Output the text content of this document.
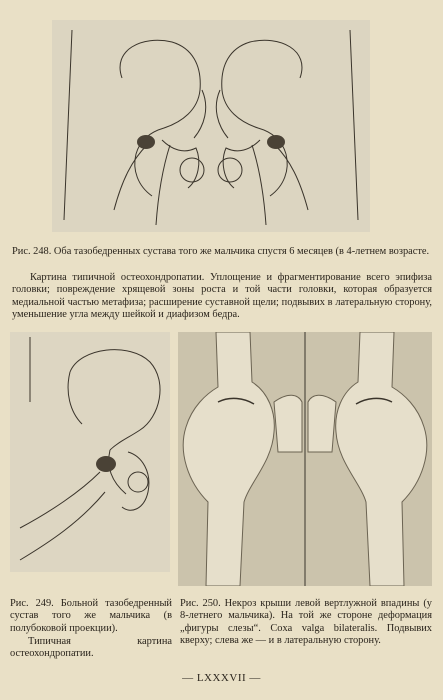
Рис. 248. Оба тазобедренных сустава того же мальчика спустя 6 месяцев (в 4-летнем возрасте.
Картина типичной остеохондропатии. Уплощение и фрагментирование всего эпифиза головки; повреждение хрящевой зоны роста и той части головки, которая образуется медиальной частью метафиза; расширение суставной щели; подвывих в латеральную сторону, уменьшение угла между шейкой и диафизом бедра.
Рис. 249. Больной тазобедренный сустав того же мальчика (в полубоковой проекции).
Типичная картина остеохондропатии.
Рис. 250. Некроз крыши левой вертлужной впадины (у 8-летнего мальчика). На той же стороне деформация „фигуры слезы“. Coxa valga bilateralis. Подвывих кверху; слева же — и в латеральную сторону.
— LXXXVII —
